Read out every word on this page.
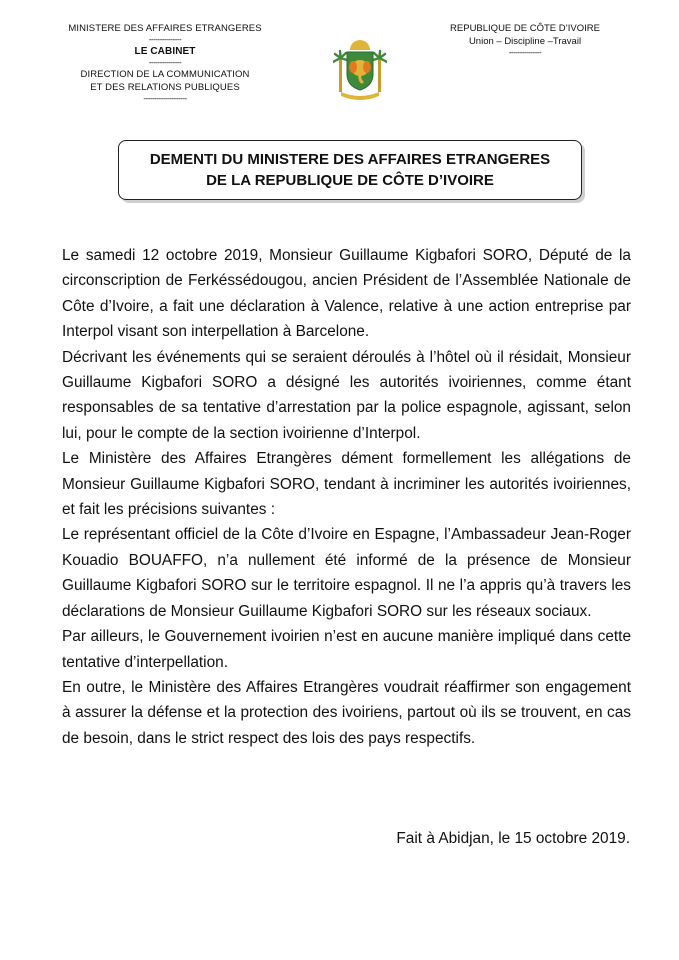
MINISTERE DES AFFAIRES ETRANGERES
---------------
LE CABINET
---------------
DIRECTION DE LA COMMUNICATION
ET DES RELATIONS PUBLIQUES
--------------------
REPUBLIQUE DE CÔTE D’IVOIRE
Union – Discipline –Travail
---------------
DEMENTI DU MINISTERE DES AFFAIRES ETRANGERES
DE LA REPUBLIQUE DE CÔTE D’IVOIRE

Le samedi 12 octobre 2019, Monsieur Guillaume Kigbafori SORO, Député de la circonscription de Ferkéssédougou, ancien Président de l’Assemblée Nationale de Côte d’Ivoire, a fait une déclaration à Valence, relative à une action entreprise par Interpol visant son interpellation à Barcelone.

Décrivant les événements qui se seraient déroulés à l’hôtel où il résidait, Monsieur Guillaume Kigbafori SORO a désigné les autorités ivoiriennes, comme étant responsables de sa tentative d’arrestation par la police espagnole, agissant, selon lui, pour le compte de la section ivoirienne d’Interpol.

Le Ministère des Affaires Etrangères dément formellement les allégations de Monsieur Guillaume Kigbafori SORO, tendant à incriminer les autorités ivoiriennes, et fait les précisions suivantes :

Le représentant officiel de la Côte d’Ivoire en Espagne, l’Ambassadeur Jean-Roger Kouadio BOUAFFO, n’a nullement été informé de la présence de Monsieur Guillaume Kigbafori SORO sur le territoire espagnol. Il ne l’a appris qu’à travers les déclarations de Monsieur Guillaume Kigbafori SORO sur les réseaux sociaux.

Par ailleurs, le Gouvernement ivoirien n’est en aucune manière impliqué dans cette tentative d’interpellation.

En outre, le Ministère des Affaires Etrangères voudrait réaffirmer son engagement à assurer la défense et la protection des ivoiriens, partout où ils se trouvent, en cas de besoin, dans le strict respect des lois des pays respectifs.

Fait à Abidjan, le 15 octobre 2019.
